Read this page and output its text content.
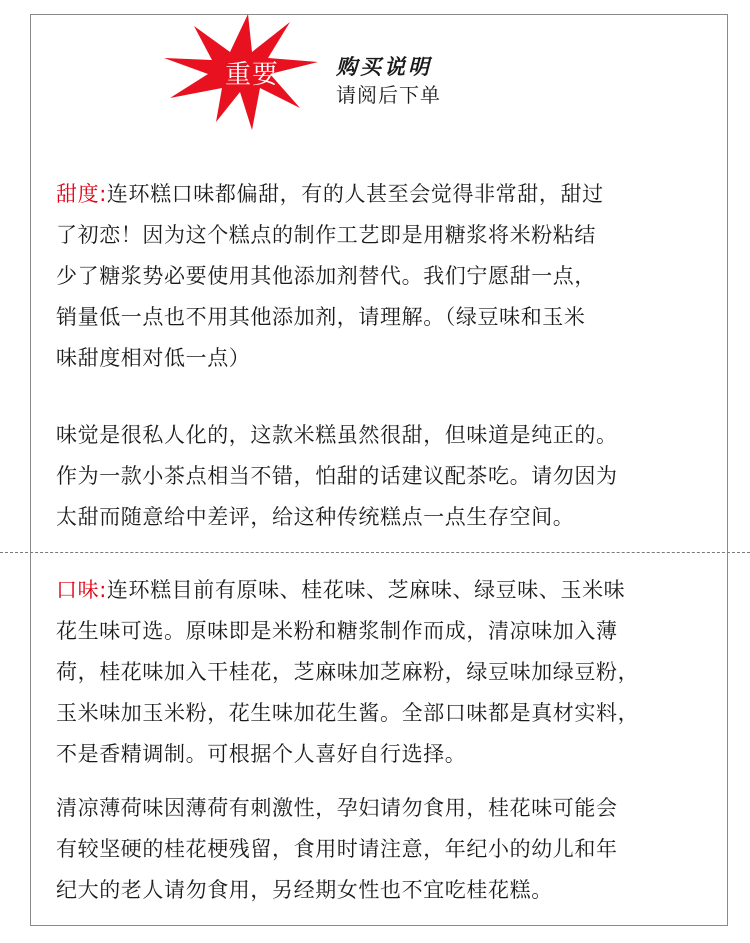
重要	购买说明
请阅后下单

甜度:连环糕口味都偏甜，有的人甚至会觉得非常甜，甜过
了初恋！因为这个糕点的制作工艺即是用糖浆将米粉粘结
少了糖浆势必要使用其他添加剂替代。我们宁愿甜一点，
销量低一点也不用其他添加剂，请理解。（绿豆味和玉米
味甜度相对低一点）

味觉是很私人化的，这款米糕虽然很甜，但味道是纯正的。
作为一款小茶点相当不错，怕甜的话建议配茶吃。请勿因为
太甜而随意给中差评，给这种传统糕点一点生存空间。

口味:连环糕目前有原味、桂花味、芝麻味、绿豆味、玉米味
花生味可选。原味即是米粉和糖浆制作而成，清凉味加入薄
荷，桂花味加入干桂花，芝麻味加芝麻粉，绿豆味加绿豆粉，
玉米味加玉米粉，花生味加花生酱。全部口味都是真材实料，
不是香精调制。可根据个人喜好自行选择。

清凉薄荷味因薄荷有刺激性，孕妇请勿食用，桂花味可能会
有较坚硬的桂花梗残留，食用时请注意，年纪小的幼儿和年
纪大的老人请勿食用，另经期女性也不宜吃桂花糕。
